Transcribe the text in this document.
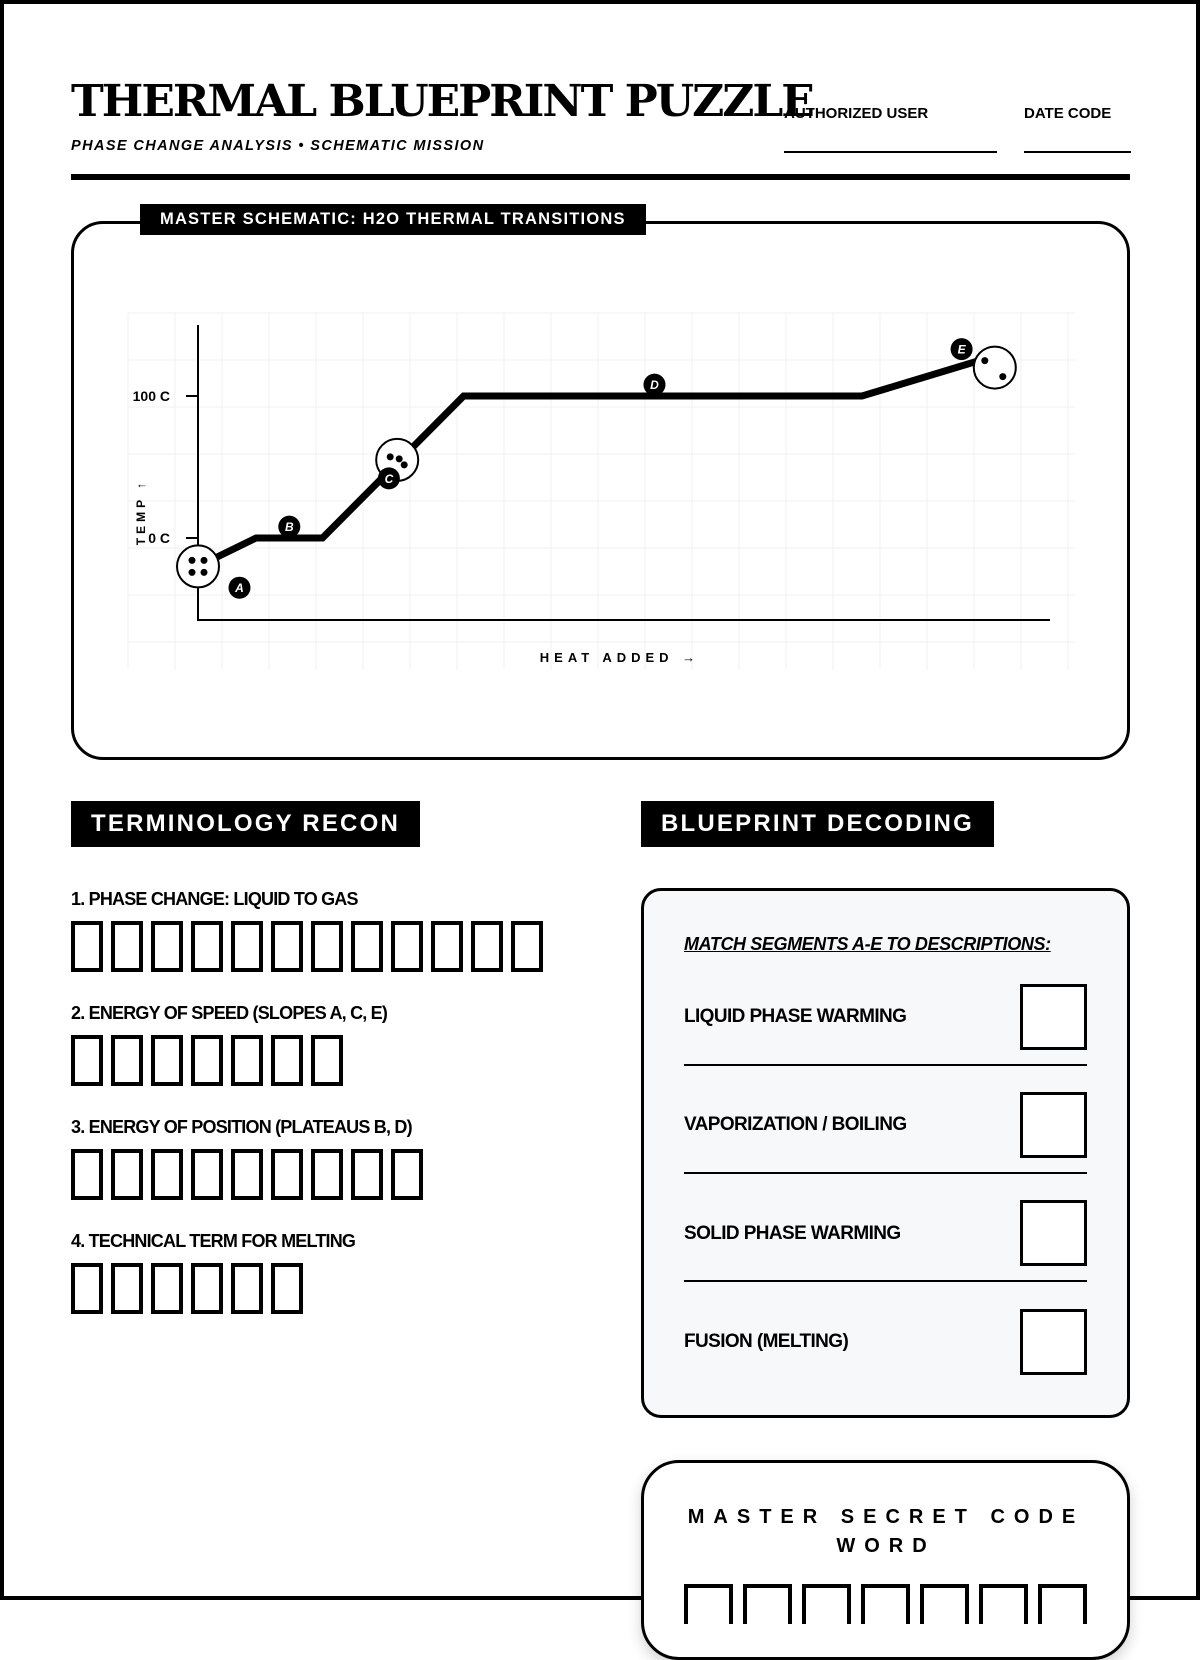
THERMAL BLUEPRINT PUZZLE
PHASE CHANGE ANALYSIS • SCHEMATIC MISSION
AUTHORIZED USER	DATE CODE
MASTER SCHEMATIC: H2O THERMAL TRANSITIONS
0 C
100 C
TEMP ↑
HEAT ADDED →
A
B
C
D
E
TERMINOLOGY RECON
1. PHASE CHANGE: LIQUID TO GAS
2. ENERGY OF SPEED (SLOPES A, C, E)
3. ENERGY OF POSITION (PLATEAUS B, D)
4. TECHNICAL TERM FOR MELTING
BLUEPRINT DECODING
MATCH SEGMENTS A-E TO DESCRIPTIONS:
LIQUID PHASE WARMING
VAPORIZATION / BOILING
SOLID PHASE WARMING
FUSION (MELTING)
MASTER SECRET CODE WORD
